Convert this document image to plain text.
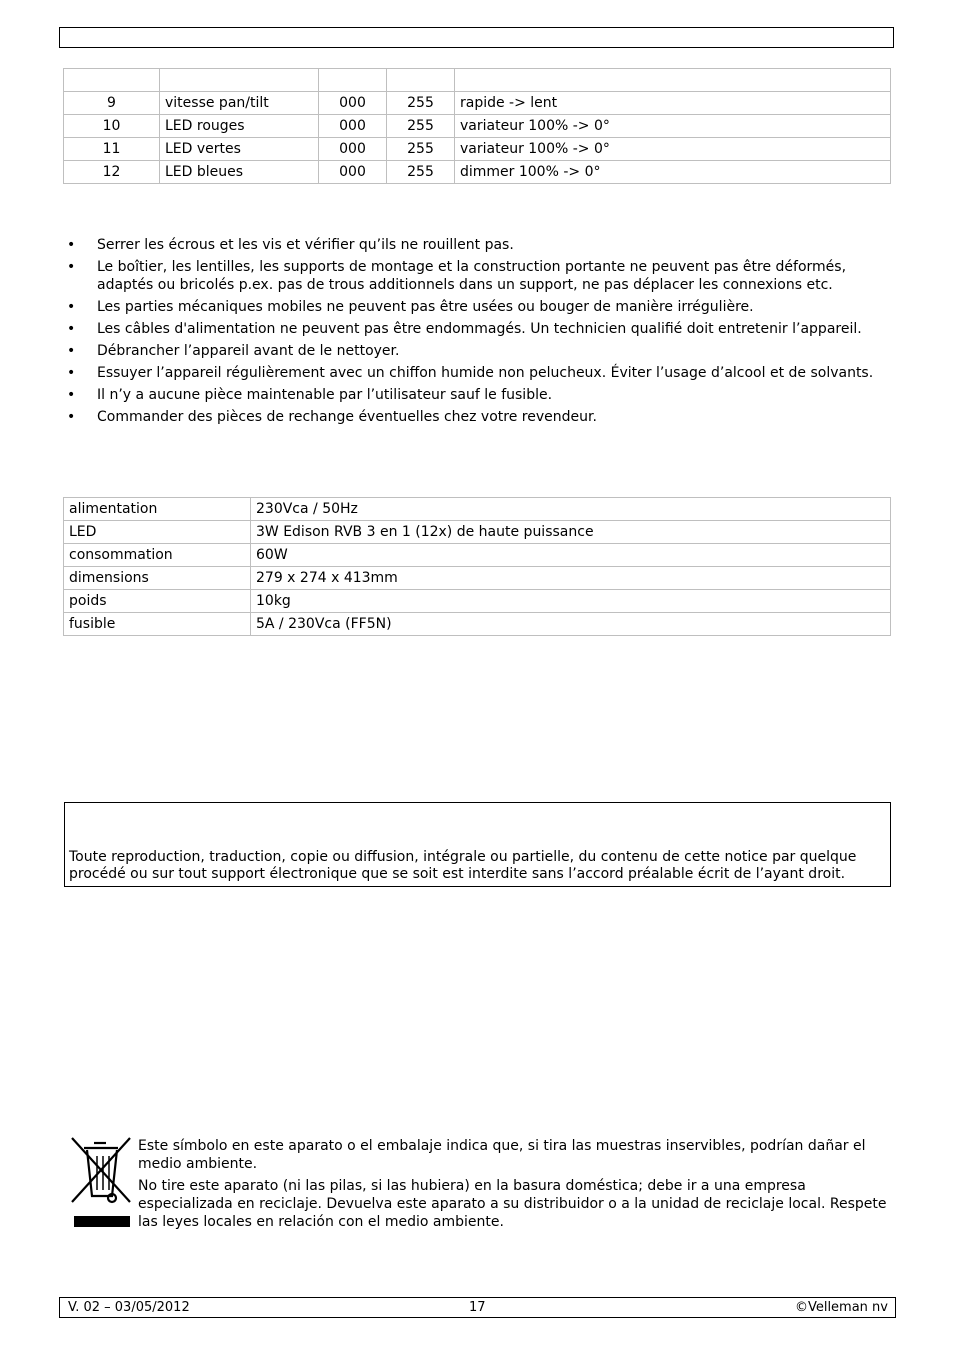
9	vitesse pan/tilt	000	255	rapide -> lent
10	LED rouges	000	255	variateur 100% -> 0°
11	LED vertes	000	255	variateur 100% -> 0°
12	LED bleues	000	255	dimmer 100% -> 0°
• Serrer les écrous et les vis et vérifier qu’ils ne rouillent pas.
• Le boîtier, les lentilles, les supports de montage et la construction portante ne peuvent pas être déformés, adaptés ou bricolés p.ex. pas de trous additionnels dans un support, ne pas déplacer les connexions etc.
• Les parties mécaniques mobiles ne peuvent pas être usées ou bouger de manière irrégulière.
• Les câbles d'alimentation ne peuvent pas être endommagés. Un technicien qualifié doit entretenir l’appareil.
• Débrancher l’appareil avant de le nettoyer.
• Essuyer l’appareil régulièrement avec un chiffon humide non pelucheux. Éviter l’usage d’alcool et de solvants.
• Il n’y a aucune pièce maintenable par l’utilisateur sauf le fusible.
• Commander des pièces de rechange éventuelles chez votre revendeur.
alimentation	230Vca / 50Hz
LED	3W Edison RVB 3 en 1 (12x) de haute puissance
consommation	60W
dimensions	279 x 274 x 413mm
poids	10kg
fusible	5A / 230Vca (FF5N)
Toute reproduction, traduction, copie ou diffusion, intégrale ou partielle, du contenu de cette notice par quelque procédé ou sur tout support électronique que se soit est interdite sans l’accord préalable écrit de l’ayant droit.

Este símbolo en este aparato o el embalaje indica que, si tira las muestras inservibles, podrían dañar el medio ambiente.

No tire este aparato (ni las pilas, si las hubiera) en la basura doméstica; debe ir a una empresa especializada en reciclaje. Devuelva este aparato a su distribuidor o a la unidad de reciclaje local. Respete las leyes locales en relación con el medio ambiente.

V. 02 – 03/05/2012	17	©Velleman nv
